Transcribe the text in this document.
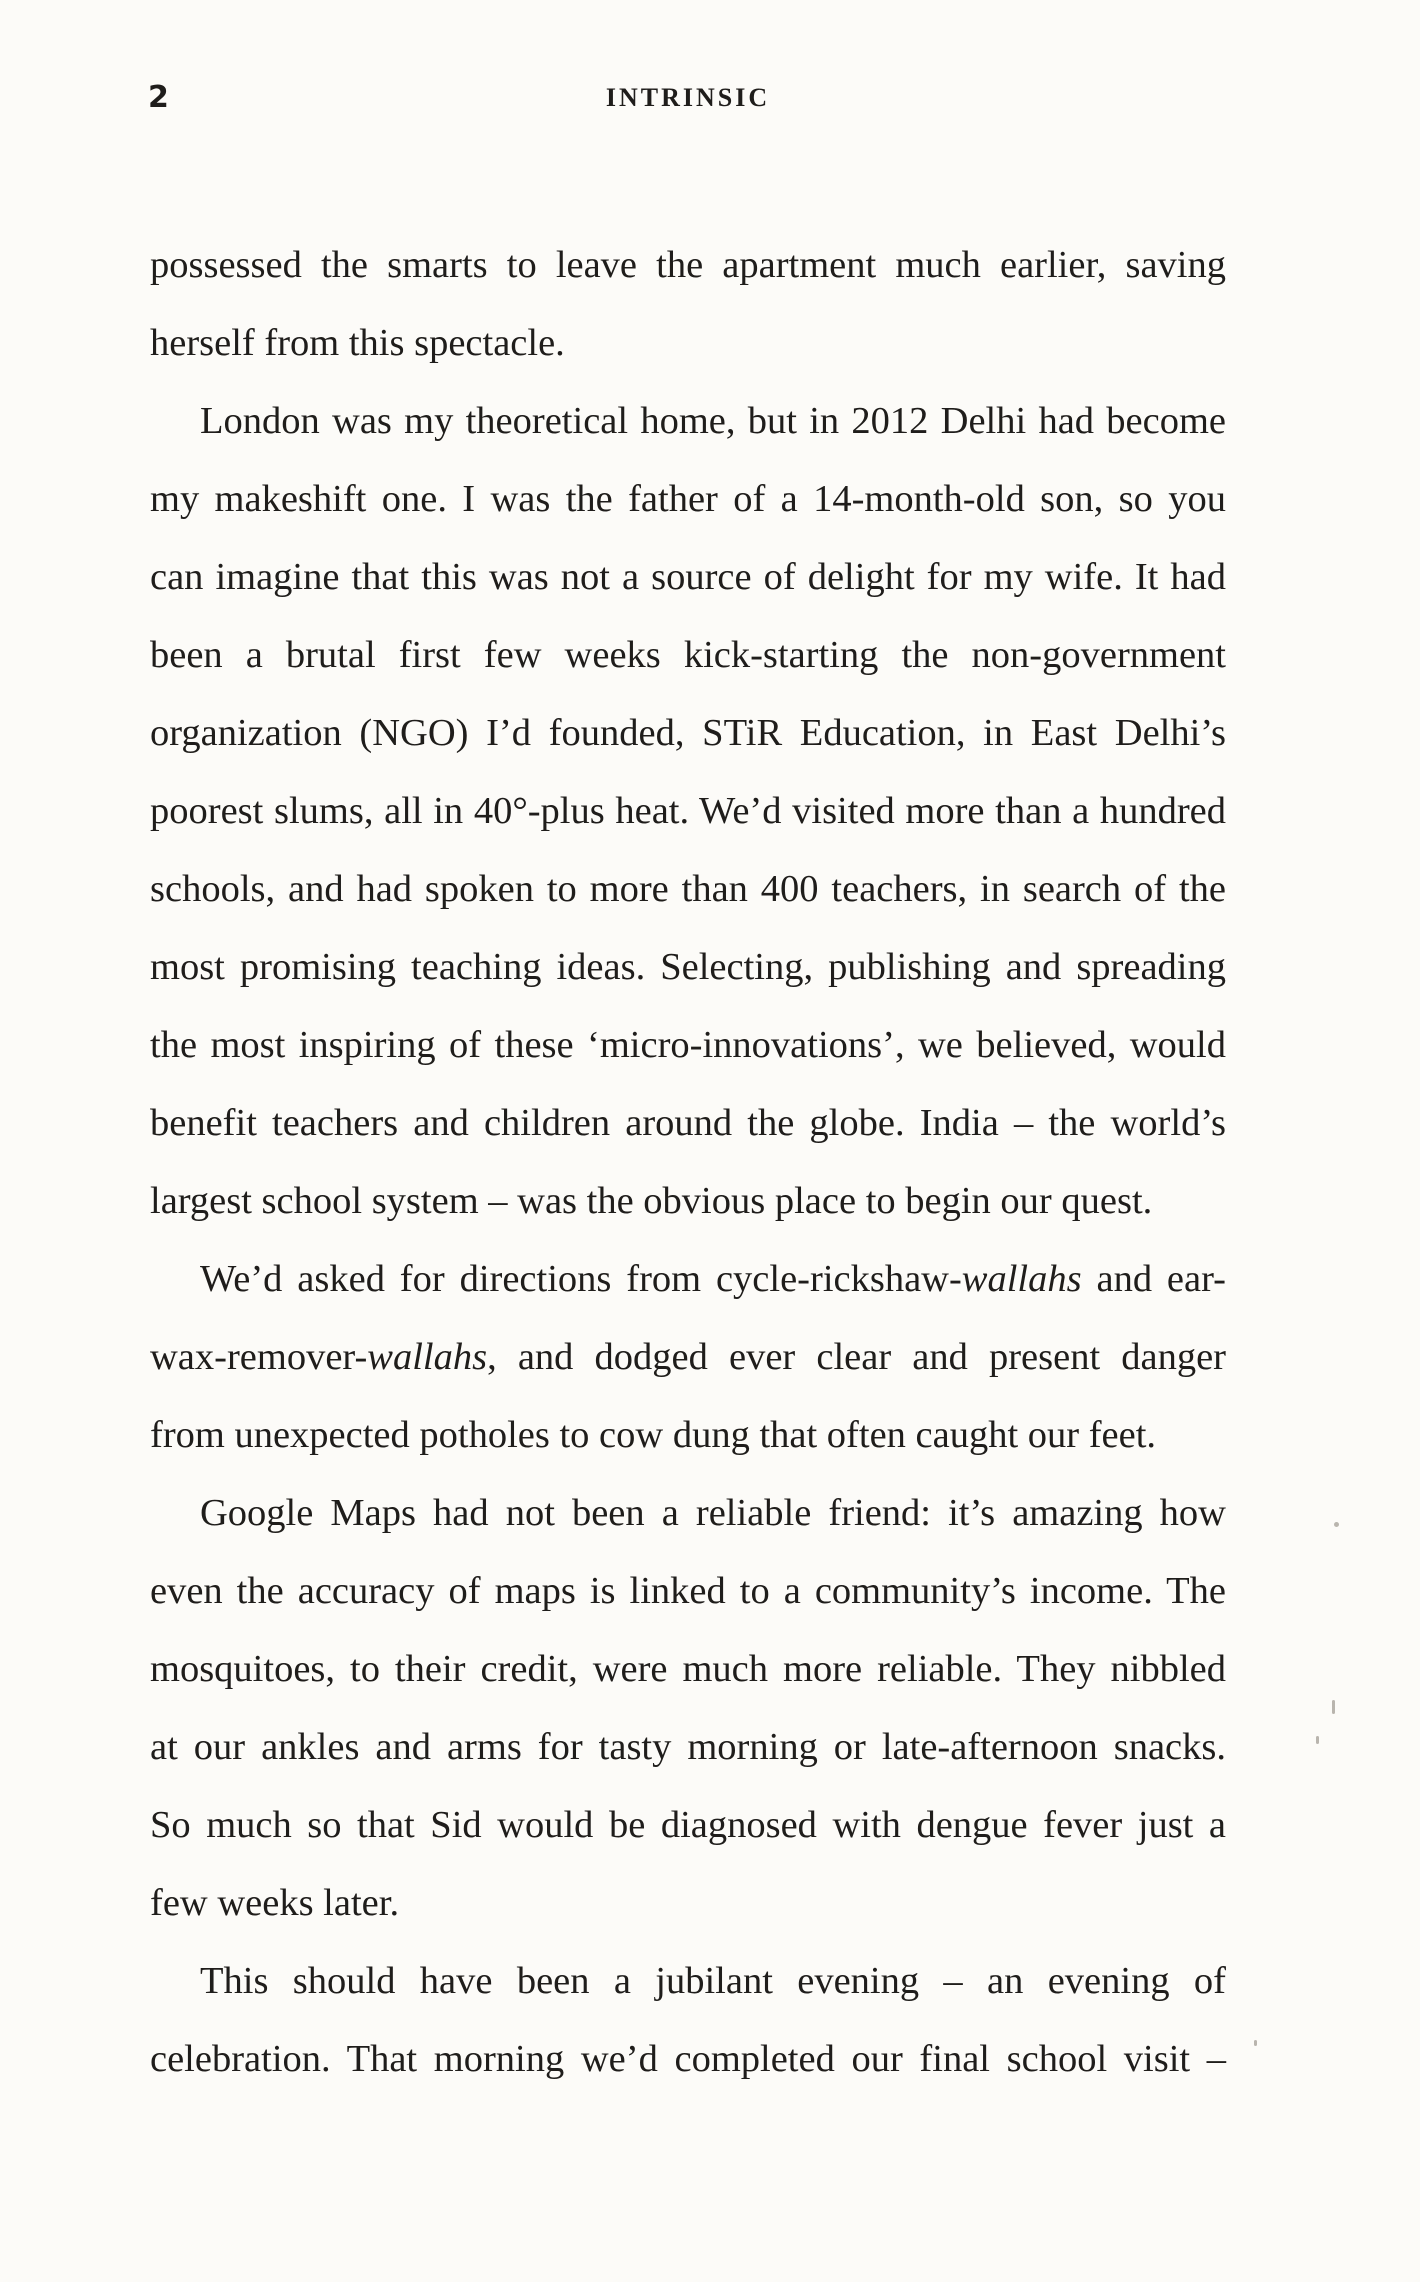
2	INTRINSIC
possessed the smarts to leave the apartment much earlier, saving
herself from this spectacle.
London was my theoretical home, but in 2012 Delhi had become
my makeshift one. I was the father of a 14-month-old son, so you
can imagine that this was not a source of delight for my wife. It had
been a brutal first few weeks kick-starting the non-government
organization (NGO) I’d founded, STiR Education, in East Delhi’s
poorest slums, all in 40°-plus heat. We’d visited more than a hundred
schools, and had spoken to more than 400 teachers, in search of the
most promising teaching ideas. Selecting, publishing and spreading
the most inspiring of these ‘micro-innovations’, we believed, would
benefit teachers and children around the globe. India – the world’s
largest school system – was the obvious place to begin our quest.
We’d asked for directions from cycle-rickshaw-wallahs and ear-
wax-remover-wallahs, and dodged ever clear and present danger
from unexpected potholes to cow dung that often caught our feet.
Google Maps had not been a reliable friend: it’s amazing how
even the accuracy of maps is linked to a community’s income. The
mosquitoes, to their credit, were much more reliable. They nibbled
at our ankles and arms for tasty morning or late-afternoon snacks.
So much so that Sid would be diagnosed with dengue fever just a
few weeks later.
This should have been a jubilant evening – an evening of
celebration. That morning we’d completed our final school visit –
